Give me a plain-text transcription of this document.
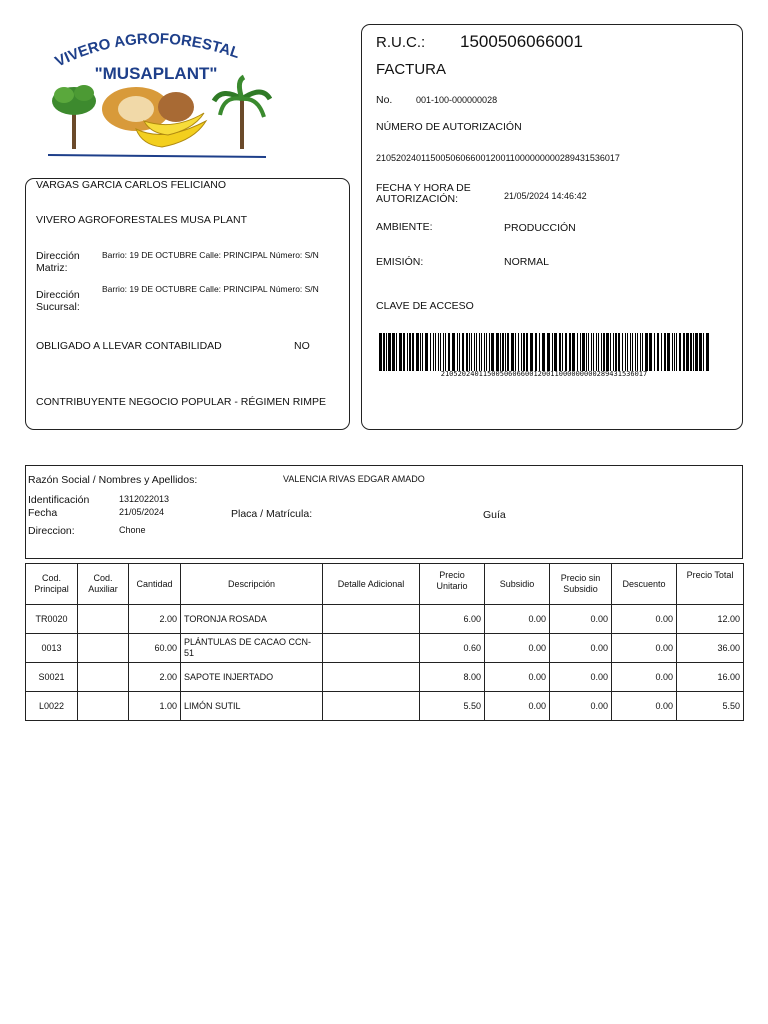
VIVERO AGROFORESTAL
"MUSAPLANT"
VARGAS GARCIA CARLOS FELICIANO
VIVERO AGROFORESTALES MUSA PLANT
Dirección Matriz:
Barrio: 19 DE OCTUBRE Calle: PRINCIPAL Número: S/N
Dirección Sucursal:
Barrio: 19 DE OCTUBRE Calle: PRINCIPAL Número: S/N
OBLIGADO A LLEVAR CONTABILIDAD	NO
CONTRIBUYENTE NEGOCIO POPULAR - RÉGIMEN RIMPE
R.U.C.: 1500506066001
FACTURA
No.	001-100-000000028
NÚMERO DE AUTORIZACIÓN
2105202401150050606600120011000000000289431536017
FECHA Y HORA DE AUTORIZACIÓN:	21/05/2024 14:46:42
AMBIENTE:	PRODUCCIÓN
EMISIÓN:	NORMAL
CLAVE DE ACCESO
2105202401150050606600120011000000000289431536017
Razón Social / Nombres y Apellidos:	VALENCIA RIVAS EDGAR AMADO
Identificación	1312022013
Fecha	21/05/2024	Placa / Matrícula:	Guía
Direccion:	Chone
Cod. Principal	Cod. Auxiliar	Cantidad	Descripción	Detalle Adicional	Precio Unitario	Subsidio	Precio sin Subsidio	Descuento	Precio Total
TR0020		2.00	TORONJA ROSADA		6.00	0.00	0.00	0.00	12.00
0013		60.00	PLÁNTULAS DE CACAO CCN-51		0.60	0.00	0.00	0.00	36.00
S0021		2.00	SAPOTE INJERTADO		8.00	0.00	0.00	0.00	16.00
L0022		1.00	LIMÓN SUTIL		5.50	0.00	0.00	0.00	5.50
